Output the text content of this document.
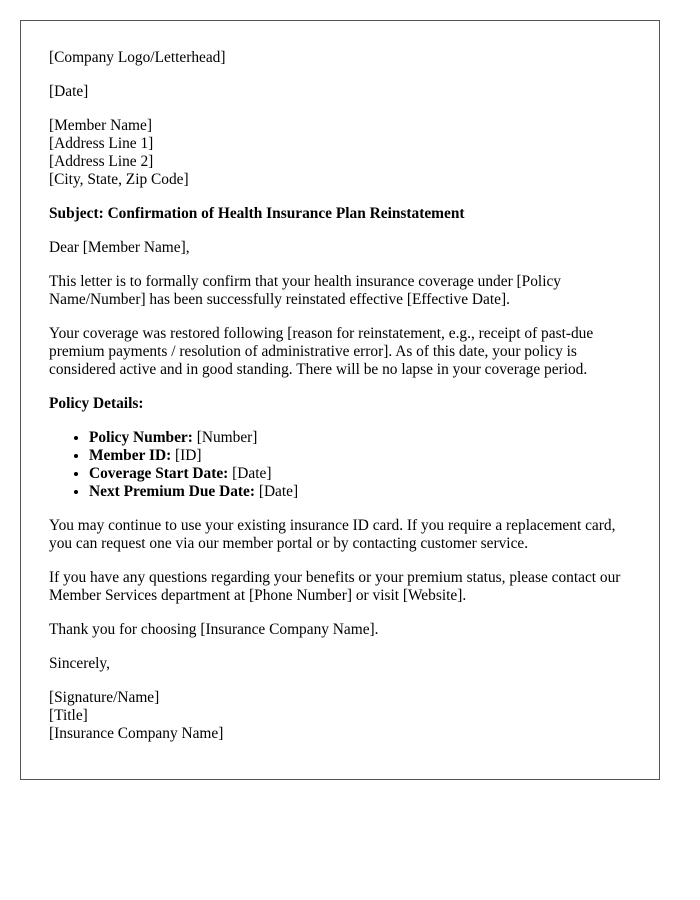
[Company Logo/Letterhead]

[Date]

[Member Name]
[Address Line 1]
[Address Line 2]
[City, State, Zip Code]

Subject: Confirmation of Health Insurance Plan Reinstatement

Dear [Member Name],

This letter is to formally confirm that your health insurance coverage under [Policy Name/Number] has been successfully reinstated effective [Effective Date].

Your coverage was restored following [reason for reinstatement, e.g., receipt of past-due premium payments / resolution of administrative error]. As of this date, your policy is considered active and in good standing. There will be no lapse in your coverage period.

Policy Details:

• Policy Number: [Number]
• Member ID: [ID]
• Coverage Start Date: [Date]
• Next Premium Due Date: [Date]

You may continue to use your existing insurance ID card. If you require a replacement card, you can request one via our member portal or by contacting customer service.

If you have any questions regarding your benefits or your premium status, please contact our Member Services department at [Phone Number] or visit [Website].

Thank you for choosing [Insurance Company Name].

Sincerely,

[Signature/Name]
[Title]
[Insurance Company Name]
